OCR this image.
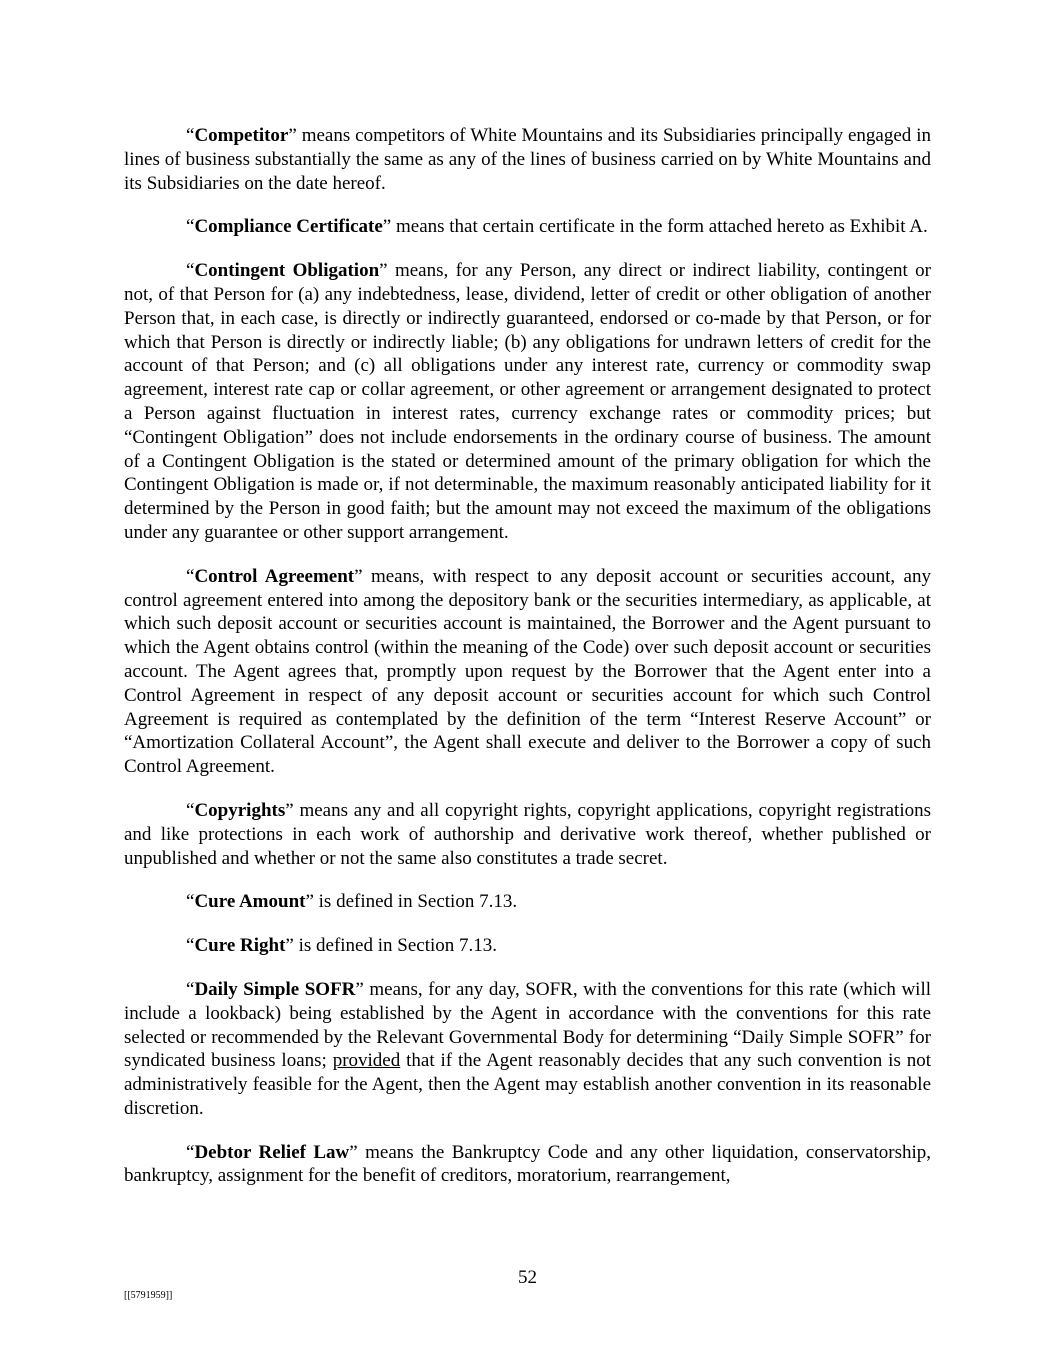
“Competitor” means competitors of White Mountains and its Subsidiaries principally engaged in lines of business substantially the same as any of the lines of business carried on by White Mountains and its Subsidiaries on the date hereof.

“Compliance Certificate” means that certain certificate in the form attached hereto as Exhibit A.

“Contingent Obligation” means, for any Person, any direct or indirect liability, contingent or not, of that Person for (a) any indebtedness, lease, dividend, letter of credit or other obligation of another Person that, in each case, is directly or indirectly guaranteed, endorsed or co-made by that Person, or for which that Person is directly or indirectly liable; (b) any obligations for undrawn letters of credit for the account of that Person; and (c) all obligations under any interest rate, currency or commodity swap agreement, interest rate cap or collar agreement, or other agreement or arrangement designated to protect a Person against fluctuation in interest rates, currency exchange rates or commodity prices; but “Contingent Obligation” does not include endorsements in the ordinary course of business. The amount of a Contingent Obligation is the stated or determined amount of the primary obligation for which the Contingent Obligation is made or, if not determinable, the maximum reasonably anticipated liability for it determined by the Person in good faith; but the amount may not exceed the maximum of the obligations under any guarantee or other support arrangement.

“Control Agreement” means, with respect to any deposit account or securities account, any control agreement entered into among the depository bank or the securities intermediary, as applicable, at which such deposit account or securities account is maintained, the Borrower and the Agent pursuant to which the Agent obtains control (within the meaning of the Code) over such deposit account or securities account. The Agent agrees that, promptly upon request by the Borrower that the Agent enter into a Control Agreement in respect of any deposit account or securities account for which such Control Agreement is required as contemplated by the definition of the term “Interest Reserve Account” or “Amortization Collateral Account”, the Agent shall execute and deliver to the Borrower a copy of such Control Agreement.

“Copyrights” means any and all copyright rights, copyright applications, copyright registrations and like protections in each work of authorship and derivative work thereof, whether published or unpublished and whether or not the same also constitutes a trade secret.

“Cure Amount” is defined in Section 7.13.

“Cure Right” is defined in Section 7.13.

“Daily Simple SOFR” means, for any day, SOFR, with the conventions for this rate (which will include a lookback) being established by the Agent in accordance with the conventions for this rate selected or recommended by the Relevant Governmental Body for determining “Daily Simple SOFR” for syndicated business loans; provided that if the Agent reasonably decides that any such convention is not administratively feasible for the Agent, then the Agent may establish another convention in its reasonable discretion.

“Debtor Relief Law” means the Bankruptcy Code and any other liquidation, conservatorship, bankruptcy, assignment for the benefit of creditors, moratorium, rearrangement,

52
[[5791959]]
